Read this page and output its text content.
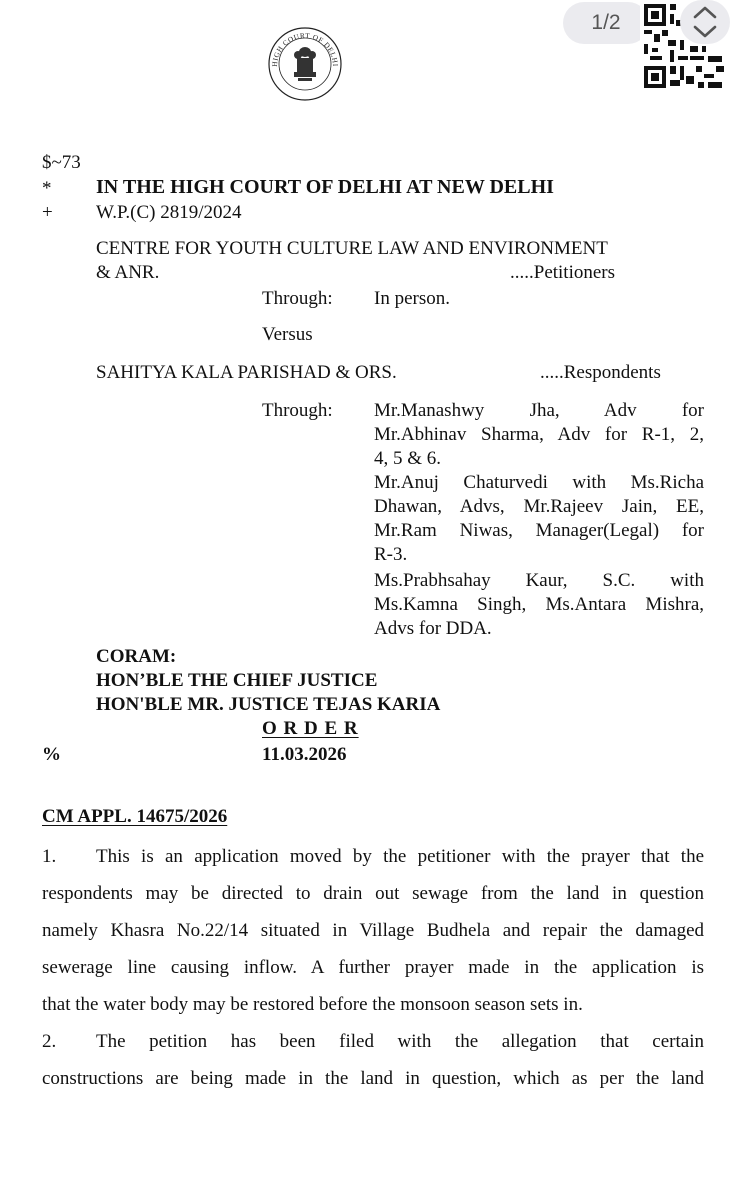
1/2
HIGH COURT OF DELHI
$~73
* IN THE HIGH COURT OF DELHI AT NEW DELHI
+ W.P.(C) 2819/2024
CENTRE FOR YOUTH CULTURE LAW AND ENVIRONMENT
& ANR.	.....Petitioners
Through: In person.
Versus
SAHITYA KALA PARISHAD & ORS.	.....Respondents
Through: Mr.Manashwy Jha, Adv for
Mr.Abhinav Sharma, Adv for R-1, 2,
4, 5 & 6.
Mr.Anuj Chaturvedi with Ms.Richa
Dhawan, Advs, Mr.Rajeev Jain, EE,
Mr.Ram Niwas, Manager(Legal) for
R-3.
Ms.Prabhsahay Kaur, S.C. with
Ms.Kamna Singh, Ms.Antara Mishra,
Advs for DDA.
CORAM:
HON’BLE THE CHIEF JUSTICE
HON'BLE MR. JUSTICE TEJAS KARIA
O R D E R
%	11.03.2026
CM APPL. 14675/2026
1. This is an application moved by the petitioner with the prayer that the
respondents may be directed to drain out sewage from the land in question
namely Khasra No.22/14 situated in Village Budhela and repair the damaged
sewerage line causing inflow. A further prayer made in the application is
that the water body may be restored before the monsoon season sets in.
2. The petition has been filed with the allegation that certain
constructions are being made in the land in question, which as per the land
